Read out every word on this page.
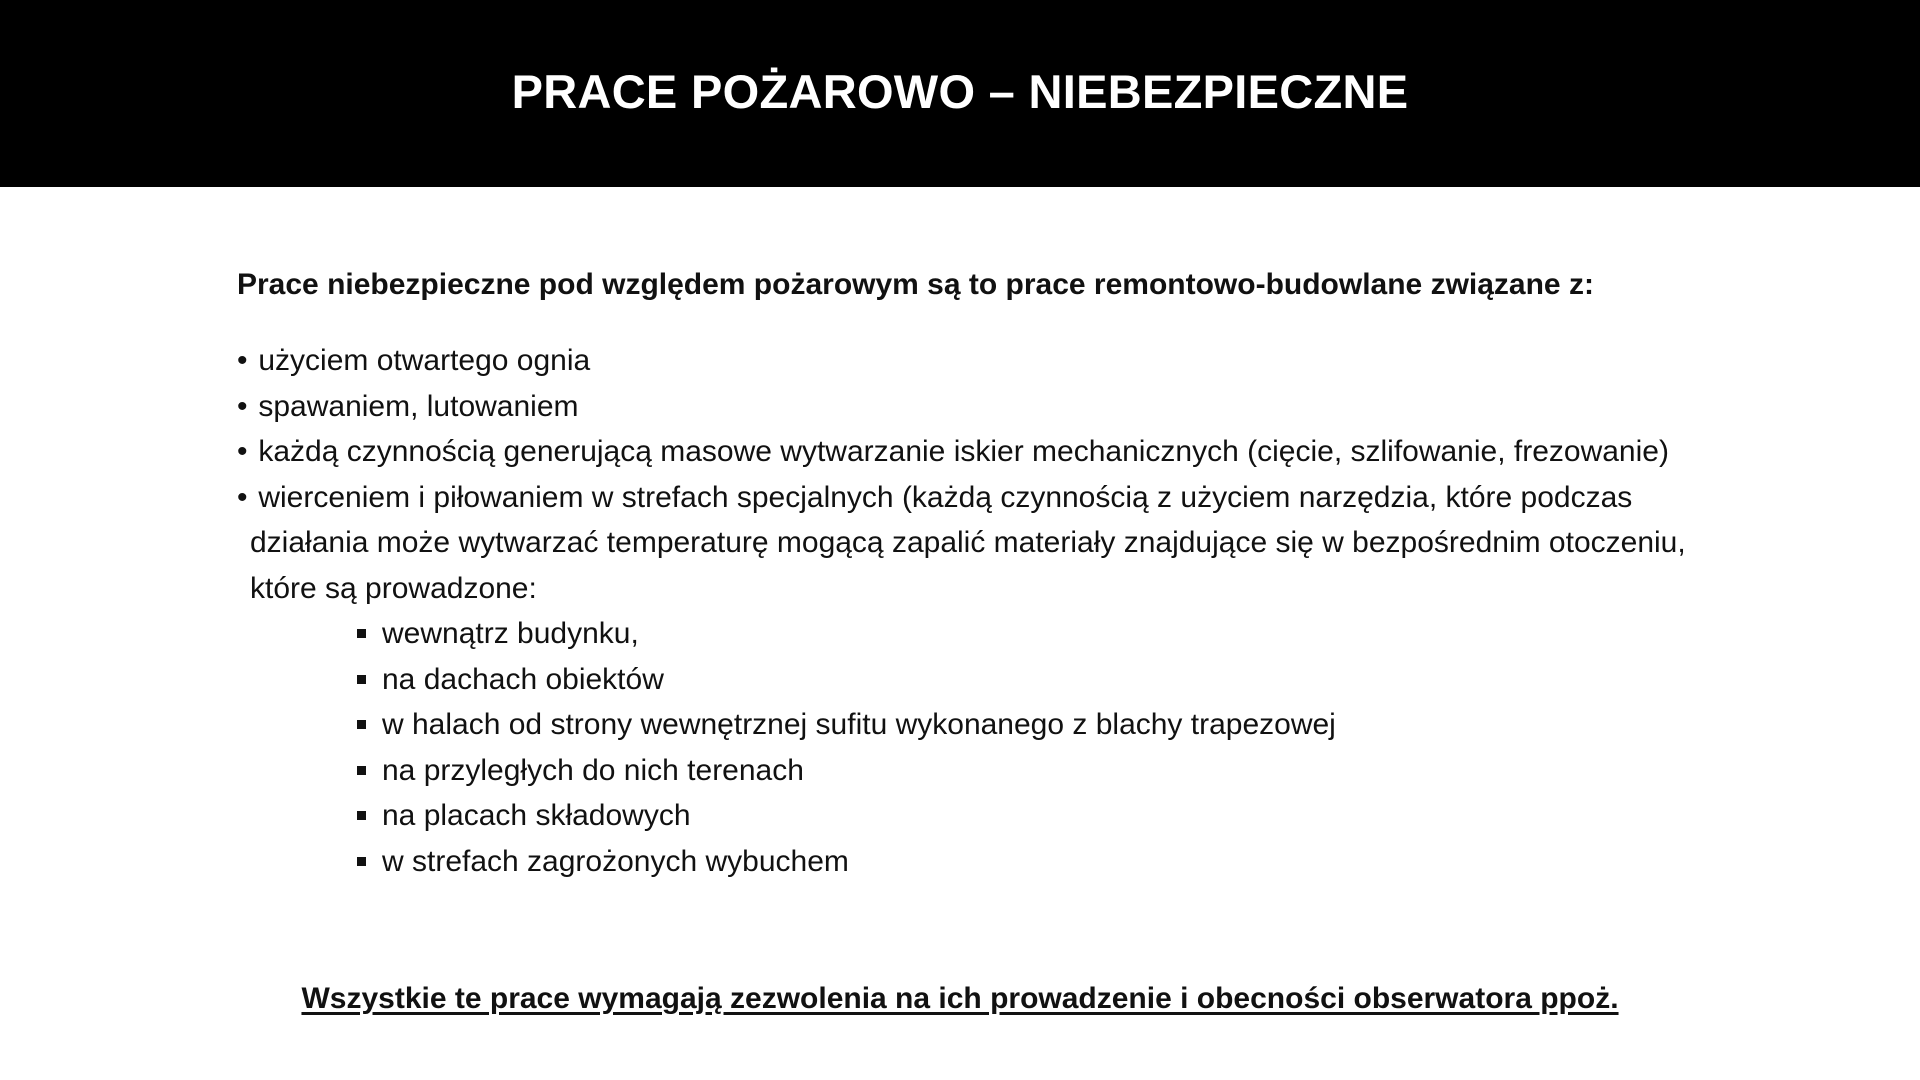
PRACE POŻAROWO – NIEBEZPIECZNE

Prace niebezpieczne pod względem pożarowym są to prace remontowo-budowlane związane z:

• użyciem otwartego ognia
• spawaniem, lutowaniem
• każdą czynnością generującą masowe wytwarzanie iskier mechanicznych (cięcie, szlifowanie, frezowanie)
• wierceniem i piłowaniem w strefach specjalnych (każdą czynnością z użyciem narzędzia, które podczas działania może wytwarzać temperaturę mogącą zapalić materiały znajdujące się w bezpośrednim otoczeniu, które są prowadzone:
wewnątrz budynku,
na dachach obiektów
w halach od strony wewnętrznej sufitu wykonanego z blachy trapezowej
na przyległych do nich terenach
na placach składowych
w strefach zagrożonych wybuchem
Wszystkie te prace wymagają zezwolenia na ich prowadzenie i obecności obserwatora ppoż.
